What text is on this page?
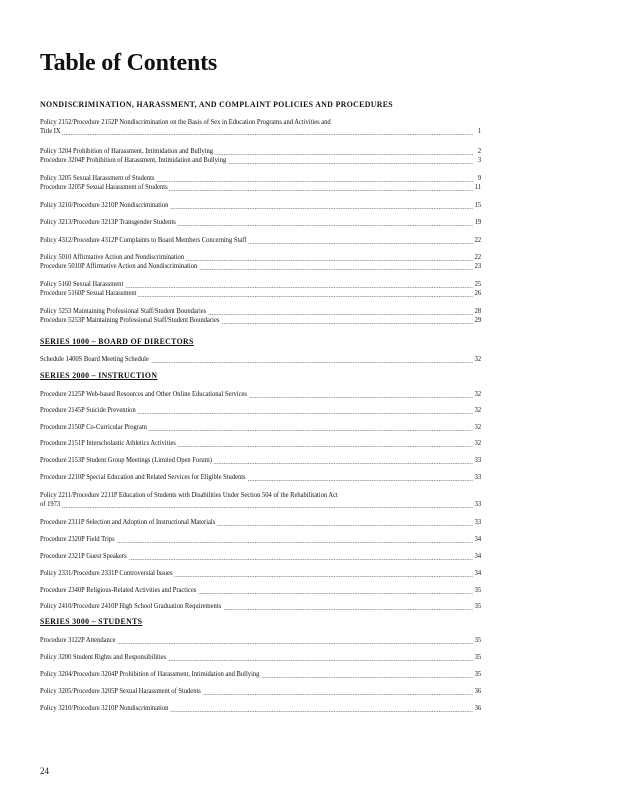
Table of Contents
NONDISCRIMINATION, HARASSMENT, AND COMPLAINT POLICIES AND PROCEDURES
Policy 2152/Procedure 2152P Nondiscrimination on the Basis of Sex in Education Programs and Activities and
Title IX	1
Policy 3204 Prohibition of Harassment, Intimidation and Bullying	2
Procedure 3204P Prohibition of Harassment, Intimidation and Bullying	3
Policy 3205 Sexual Harassment of Students	9
Procedure 3205P Sexual Harassment of Students	11
Policy 3210/Procedure 3210P Nondiscrimination	15
Policy 3213/Procedure 3213P Transgender Students	19
Policy 4312/Procedure 4312P Complaints to Board Members Concerning Staff	22
Policy 5010 Affirmative Action and Nondiscrimination	22
Procedure 5010P Affirmative Action and Nondiscrimination	23
Policy 5160 Sexual Harassment	25
Procedure 5160P Sexual Harassment	26
Policy 5253 Maintaining Professional Staff/Student Boundaries	28
Procedure 5253P Maintaining Professional Staff/Student Boundaries	29
SERIES 1000 – BOARD OF DIRECTORS
Schedule 1400S Board Meeting Schedule	32
SERIES 2000 – INSTRUCTION
Procedure 2125P Web-based Resources and Other Online Educational Services	32
Procedure 2145P Suicide Prevention	32
Procedure 2150P Co-Curricular Program	32
Procedure 2151P Interscholastic Athletics Activities	32
Procedure 2153P Student Group Meetings (Limited Open Forum)	33
Procedure 2210P Special Education and Related Services for Eligible Students	33
Policy 2211/Procedure 2211P Education of Students with Disabilities Under Section 504 of the Rehabilitation Act
of 1973	33
Procedure 2311P Selection and Adoption of Instructional Materials	33
Procedure 2320P Field Trips	34
Procedure 2321P Guest Speakers	34
Policy 2331/Procedure 2331P Controversial Issues	34
Procedure 2340P Religious-Related Activities and Practices	35
Policy 2410/Procedure 2410P High School Graduation Requirements	35
SERIES 3000 – STUDENTS
Procedure 3122P Attendance	35
Policy 3200 Student Rights and Responsibilities	35
Policy 3204/Procedure 3204P Prohibition of Harassment, Intimidation and Bullying	35
Policy 3205/Procedure 3205P Sexual Harassment of Students	36
Policy 3210/Procedure 3210P Nondiscrimination	36
24
